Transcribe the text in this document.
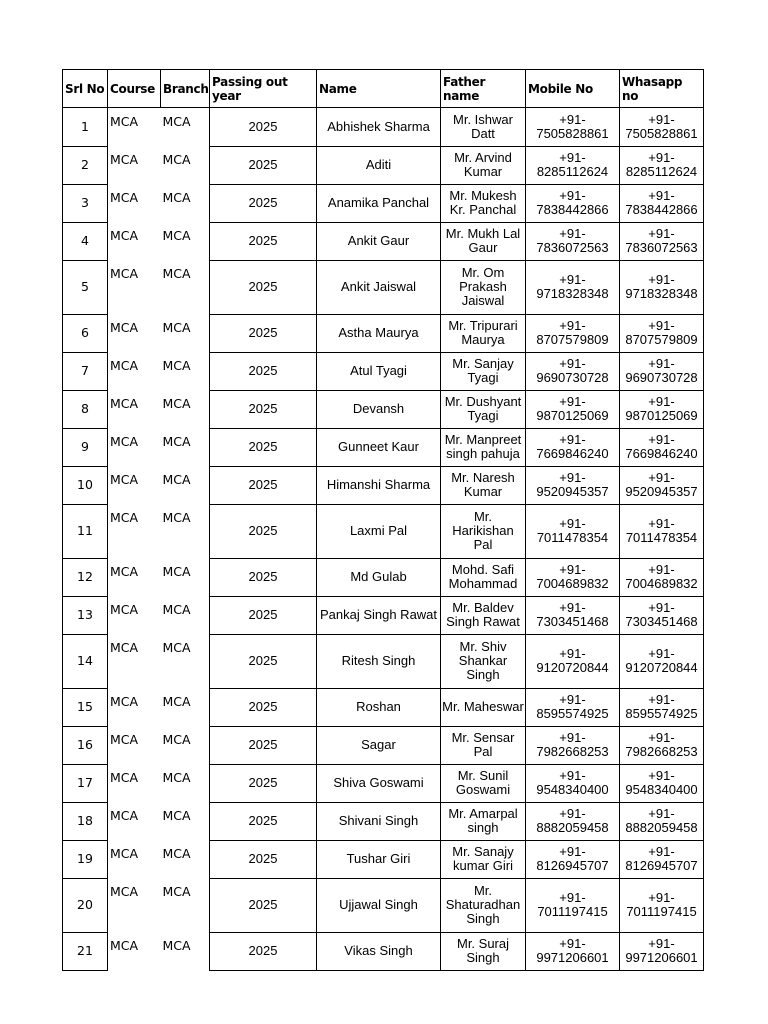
Srl No	Course	Branch	Passing out year	Name	Father name	Mobile No	Whasapp no
1	MCA	MCA	2025	Abhishek Sharma	Mr. Ishwar Datt	+91-7505828861	+91-7505828861
2	MCA	MCA	2025	Aditi	Mr. Arvind Kumar	+91-8285112624	+91-8285112624
3	MCA	MCA	2025	Anamika Panchal	Mr. Mukesh Kr. Panchal	+91-7838442866	+91-7838442866
4	MCA	MCA	2025	Ankit Gaur	Mr. Mukh Lal Gaur	+91-7836072563	+91-7836072563
5	MCA	MCA	2025	Ankit Jaiswal	Mr. Om Prakash Jaiswal	+91-9718328348	+91-9718328348
6	MCA	MCA	2025	Astha Maurya	Mr. Tripurari Maurya	+91-8707579809	+91-8707579809
7	MCA	MCA	2025	Atul Tyagi	Mr. Sanjay Tyagi	+91-9690730728	+91-9690730728
8	MCA	MCA	2025	Devansh	Mr. Dushyant Tyagi	+91-9870125069	+91-9870125069
9	MCA	MCA	2025	Gunneet Kaur	Mr. Manpreet singh pahuja	+91-7669846240	+91-7669846240
10	MCA	MCA	2025	Himanshi Sharma	Mr. Naresh Kumar	+91-9520945357	+91-9520945357
11	MCA	MCA	2025	Laxmi Pal	Mr. Harikishan Pal	+91-7011478354	+91-7011478354
12	MCA	MCA	2025	Md Gulab	Mohd. Safi Mohammad	+91-7004689832	+91-7004689832
13	MCA	MCA	2025	Pankaj Singh Rawat	Mr. Baldev Singh Rawat	+91-7303451468	+91-7303451468
14	MCA	MCA	2025	Ritesh Singh	Mr. Shiv Shankar Singh	+91-9120720844	+91-9120720844
15	MCA	MCA	2025	Roshan	Mr. Maheswar	+91-8595574925	+91-8595574925
16	MCA	MCA	2025	Sagar	Mr. Sensar Pal	+91-7982668253	+91-7982668253
17	MCA	MCA	2025	Shiva Goswami	Mr. Sunil Goswami	+91-9548340400	+91-9548340400
18	MCA	MCA	2025	Shivani Singh	Mr. Amarpal singh	+91-8882059458	+91-8882059458
19	MCA	MCA	2025	Tushar Giri	Mr. Sanajy kumar Giri	+91-8126945707	+91-8126945707
20	MCA	MCA	2025	Ujjawal Singh	Mr. Shaturadhan Singh	+91-7011197415	+91-7011197415
21	MCA	MCA	2025	Vikas Singh	Mr. Suraj Singh	+91-9971206601	+91-9971206601
